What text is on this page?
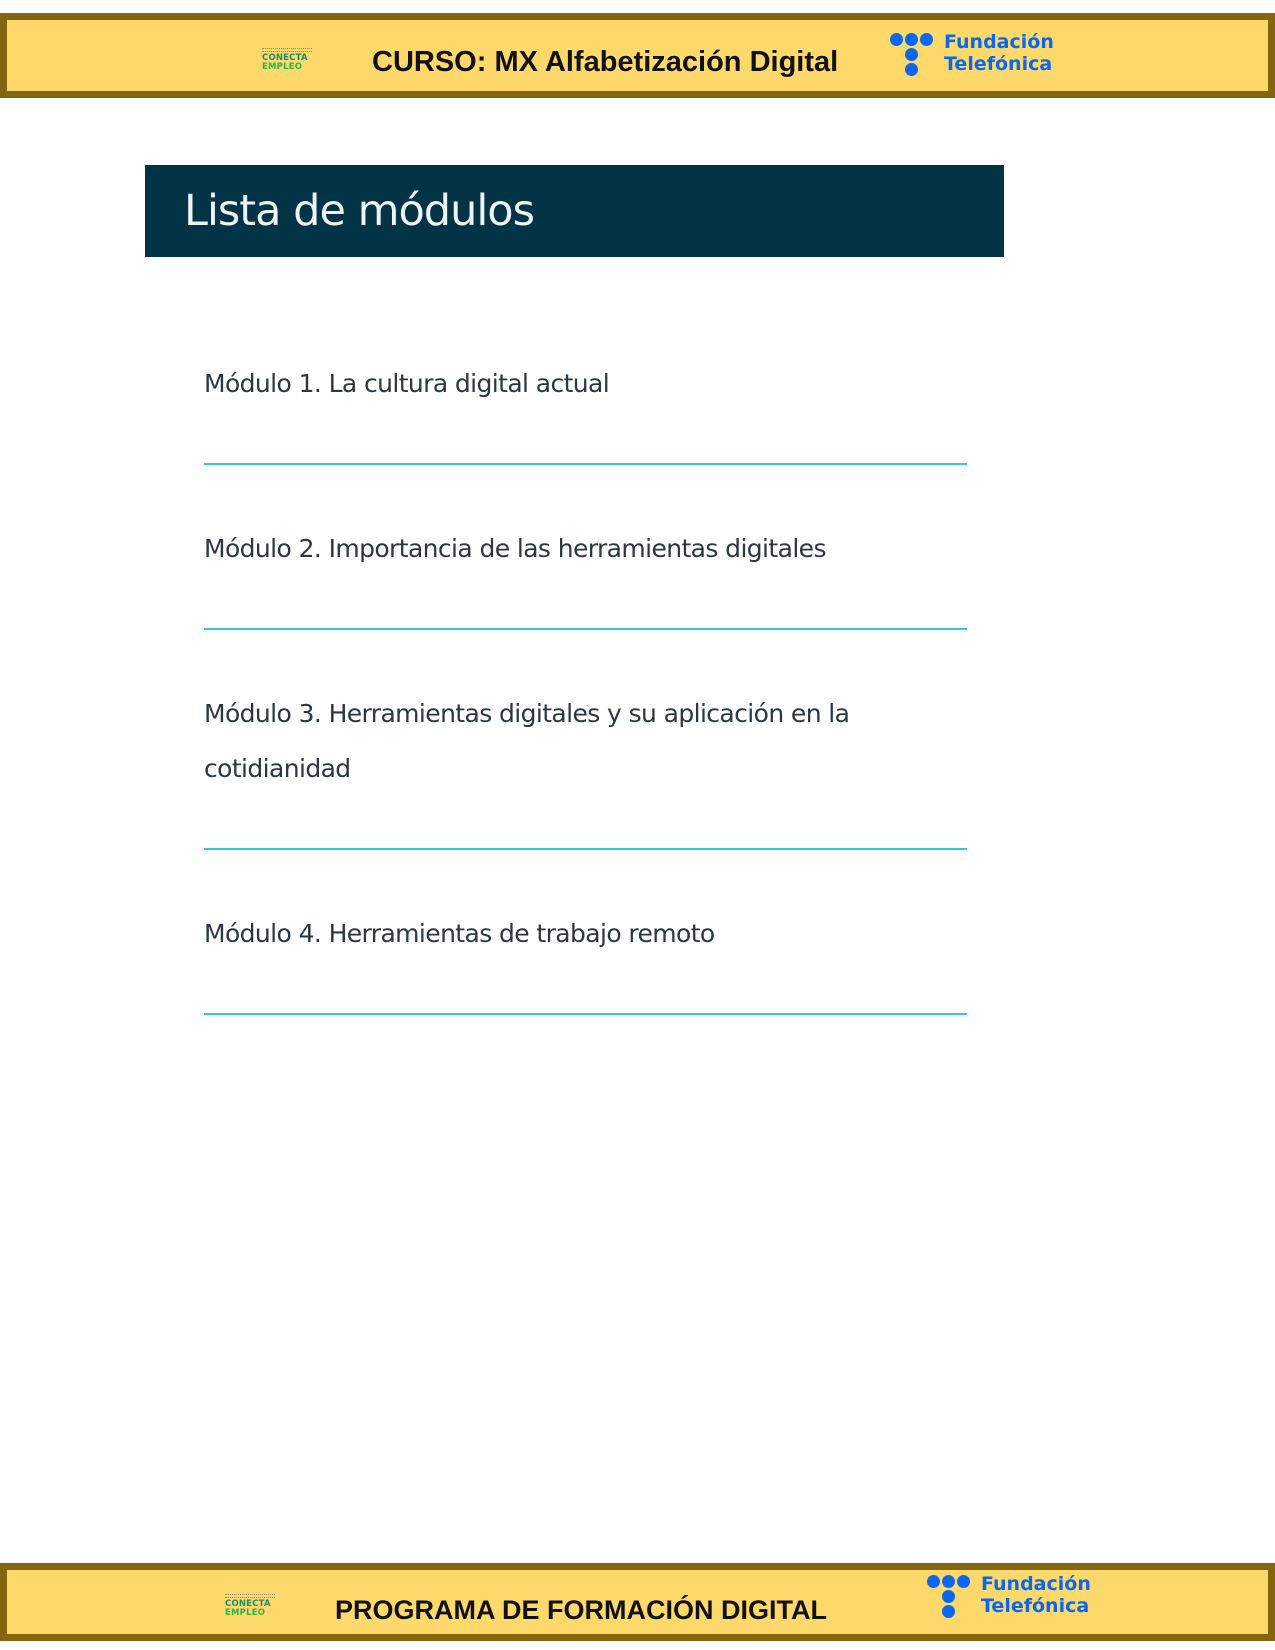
CONECTA
EMPLEO CURSO: MX Alfabetización Digital
Fundación
Telefónica
Lista de módulos
Módulo 1. La cultura digital actual
Módulo 2. Importancia de las herramientas digitales
Módulo 3. Herramientas digitales y su aplicación en la cotidianidad
Módulo 4. Herramientas de trabajo remoto
CONECTA
EMPLEO	PROGRAMA DE FORMACIÓN DIGITAL
Fundación
Telefónica
